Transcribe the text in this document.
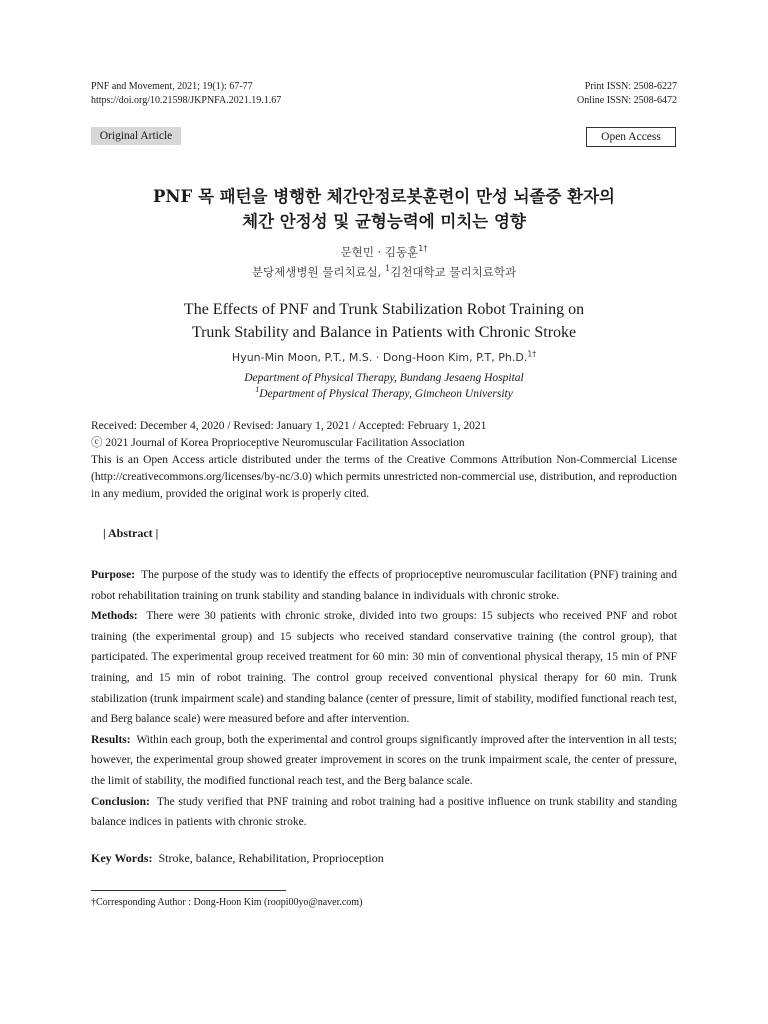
PNF and Movement, 2021; 19(1): 67-77
https://doi.org/10.21598/JKPNFA.2021.19.1.67
Print ISSN: 2508-6227
Online ISSN: 2508-6472
Original Article	Open Access
PNF 목 패턴을 병행한 체간안정로봇훈련이 만성 뇌졸중 환자의
체간 안정성 및 균형능력에 미치는 영향
문현민 · 김동훈$^{1\dagger}$
분당제생병원 물리치료실, $^1$김천대학교 물리치료학과
The Effects of PNF and Trunk Stabilization Robot Training on
Trunk Stability and Balance in Patients with Chronic Stroke
Hyun-Min Moon, P.T., M.S. · Dong-Hoon Kim, P.T, Ph.D.$^{1\dagger}$
Department of Physical Therapy, Bundang Jesaeng Hospital
$^1$Department of Physical Therapy, Gimcheon University
Received: December 4, 2020 / Revised: January 1, 2021 / Accepted: February 1, 2021
ⓒ 2021 Journal of Korea Proprioceptive Neuromuscular Facilitation Association
This is an Open Access article distributed under the terms of the Creative Commons Attribution Non-Commercial License (http://creativecommons.org/licenses/by-nc/3.0) which permits unrestricted non-commercial use, distribution, and reproduction in any medium, provided the original work is properly cited.
| Abstract |
Purpose: The purpose of the study was to identify the effects of proprioceptive neuromuscular facilitation (PNF) training and robot rehabilitation training on trunk stability and standing balance in individuals with chronic stroke.
Methods: There were 30 patients with chronic stroke, divided into two groups: 15 subjects who received PNF and robot training (the experimental group) and 15 subjects who received standard conservative training (the control group), that participated. The experimental group received treatment for 60 min: 30 min of conventional physical therapy, 15 min of PNF training, and 15 min of robot training. The control group received conventional physical therapy for 60 min. Trunk stabilization (trunk impairment scale) and standing balance (center of pressure, limit of stability, modified functional reach test, and Berg balance scale) were measured before and after intervention.
Results: Within each group, both the experimental and control groups significantly improved after the intervention in all tests; however, the experimental group showed greater improvement in scores on the trunk impairment scale, the center of pressure, the limit of stability, the modified functional reach test, and the Berg balance scale.
Conclusion: The study verified that PNF training and robot training had a positive influence on trunk stability and standing balance indices in patients with chronic stroke.
Key Words: Stroke, balance, Rehabilitation, Proprioception
†Corresponding Author : Dong-Hoon Kim (roopi00yo@naver.com)
